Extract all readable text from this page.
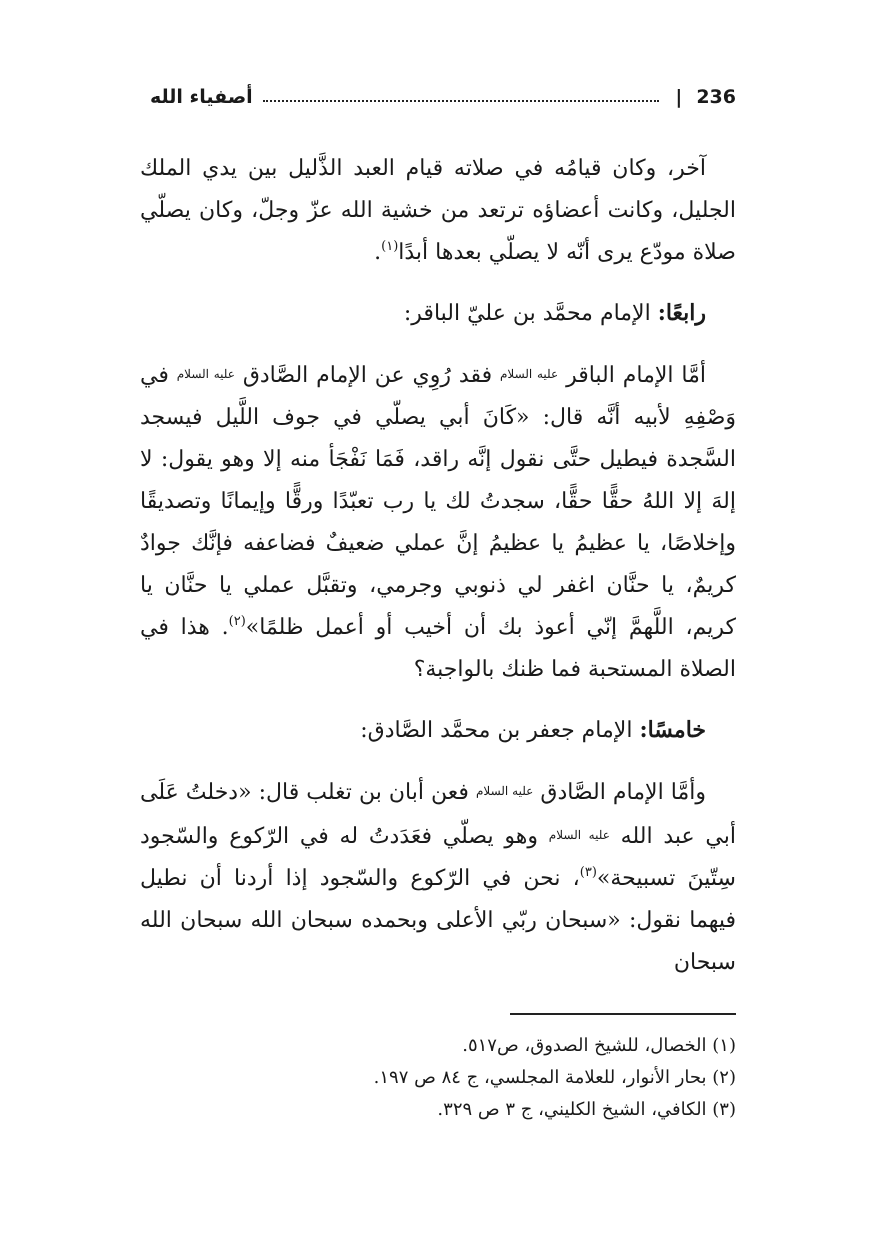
أصفياء الله	| 236

آخر، وكان قيامُه في صلاته قيام العبد الذَّليل بين يدي الملك الجليل، وكانت أعضاؤه ترتعد من خشية الله عزّ وجلّ، وكان يصلّي صلاة مودّع يرى أنّه لا يصلّي بعدها أبدًا$^{(١)}$.

رابعًا: الإمام محمَّد بن عليّ الباقر:

أمَّا الإمام الباقر عليه السلام فقد رُوِي عن الإمام الصَّادق عليه السلام في وَصْفِهِ لأبيه أنَّه قال: «كَانَ أبي يصلّي في جوف اللَّيل فيسجد السَّجدة فيطيل حتَّى نقول إنَّه راقد، فَمَا نَفْجَأ منه إلا وهو يقول: لا إلهَ إلا اللهُ حقًّا حقًّا، سجدتُ لك يا رب تعبّدًا ورقًّا وإيمانًا وتصديقًا وإخلاصًا، يا عظيمُ يا عظيمُ إنَّ عملي ضعيفٌ فضاعفه فإنَّك جوادٌ كريمٌ، يا حنَّان اغفر لي ذنوبي وجرمي، وتقبَّل عملي يا حنَّان يا كريم، اللَّهمَّ إنّي أعوذ بك أن أخيب أو أعمل ظلمًا»$^{(٢)}$. هذا في الصلاة المستحبة فما ظنك بالواجبة؟

خامسًا: الإمام جعفر بن محمَّد الصَّادق:

وأمَّا الإمام الصَّادق عليه السلام فعن أبان بن تغلب قال: «دخلتُ عَلَى أبي عبد الله عليه السلام وهو يصلّي فعَدَدتُ له في الرّكوع والسّجود سِتّينَ تسبيحة»$^{(٣)}$، نحن في الرّكوع والسّجود إذا أردنا أن نطيل فيهما نقول: «سبحان ربّي الأعلى وبحمده سبحان الله سبحان الله سبحان

(١) الخصال، للشيخ الصدوق، ص٥١٧.
(٢) بحار الأنوار، للعلامة المجلسي، ج ٨٤ ص ١٩٧.
(٣) الكافي، الشيخ الكليني، ج ٣ ص ٣٢٩.
